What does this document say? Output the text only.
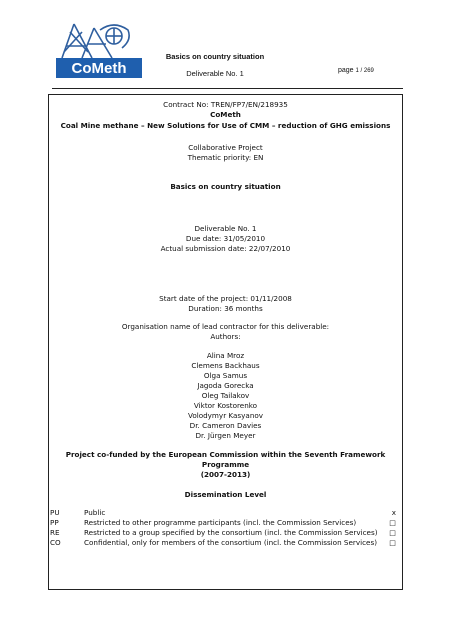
CoMeth
Basics on country situation
Deliverable No. 1	page 1 / 269
Contract No: TREN/FP7/EN/218935
CoMeth
Coal Mine methane – New Solutions for Use of CMM – reduction of GHG emissions
Collaborative Project
Thematic priority: EN
Basics on country situation
Deliverable No. 1
Due date: 31/05/2010
Actual submission date: 22/07/2010
Start date of the project: 01/11/2008
Duration: 36 months
Organisation name of lead contractor for this deliverable:
Authors:
Alina Mroz
Clemens Backhaus
Olga Samus
Jagoda Gorecka
Oleg Tailakov
Viktor Kostorenko
Volodymyr Kasyanov
Dr. Cameron Davies
Dr. Jürgen Meyer
Project co-funded by the European Commission within the Seventh Framework
Programme
(2007-2013)
Dissemination Level
PU	Public	x
PP	Restricted to other programme participants (incl. the Commission Services)	□
RE	Restricted to a group specified by the consortium (incl. the Commission Services) □
CO	Confidential, only for members of the consortium (incl. the Commission Services) □
